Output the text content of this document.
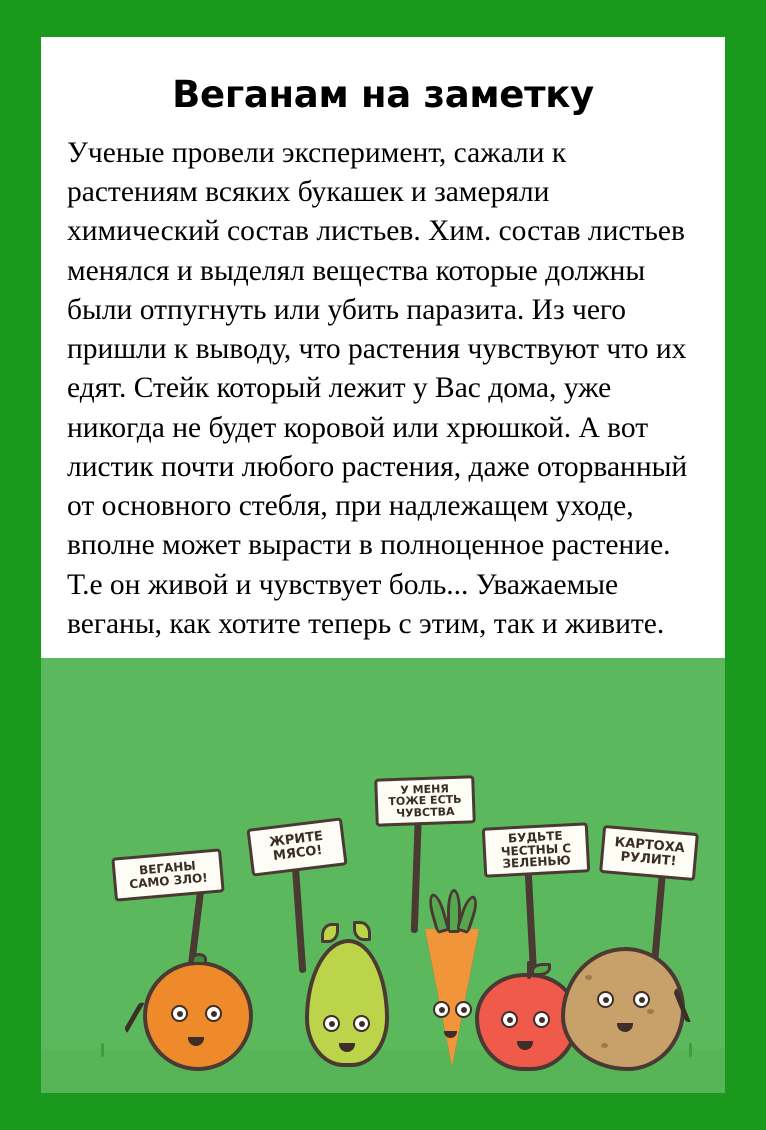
Веганам на заметку

Ученые провели эксперимент, сажали к растениям всяких букашек и замеряли химический состав листьев. Хим. состав листьев менялся и выделял вещества которые должны были отпугнуть или убить паразита. Из чего пришли к выводу, что растения чувствуют что их едят. Стейк который лежит у Вас дома, уже никогда не будет коровой или хрюшкой. А вот листик почти любого растения, даже оторванный от основного стебля, при надлежащем уходе, вполне может вырасти в полноценное растение. Т.е он живой и чувствует боль... Уважаемые веганы, как хотите теперь с этим, так и живите.

ВЕГАНЫ САМО ЗЛО!
ЖРИТЕ МЯСО!
У МЕНЯ ТОЖЕ ЕСТЬ ЧУВСТВА
БУДЬТЕ ЧЕСТНЫ С ЗЕЛЕНЬЮ
КАРТОХА РУЛИТ!
